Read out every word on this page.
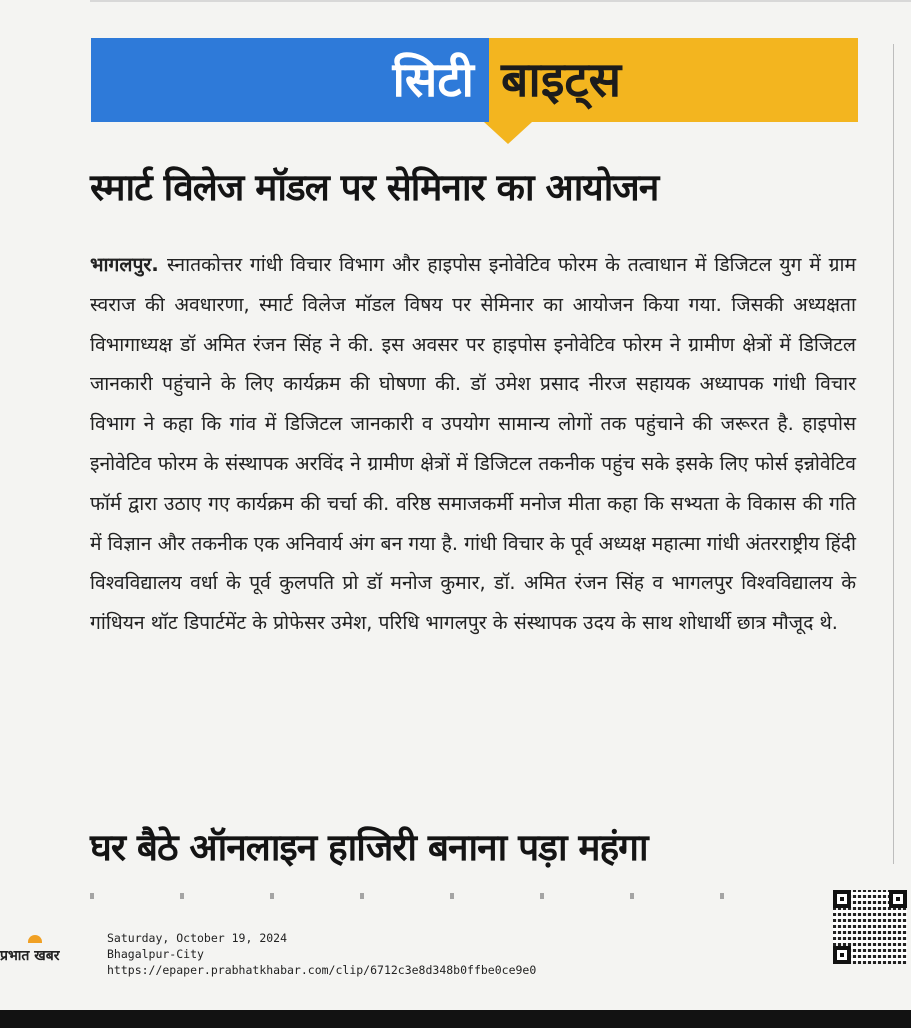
सिटी बाइट्स
स्मार्ट विलेज मॉडल पर सेमिनार का आयोजन
भागलपुर. स्नातकोत्तर गांधी विचार विभाग और हाइपोस इनोवेटिव फोरम के तत्वाधान में डिजिटल युग में ग्राम स्वराज की अवधारणा, स्मार्ट विलेज मॉडल विषय पर सेमिनार का आयोजन किया गया. जिसकी अध्यक्षता विभागाध्यक्ष डॉ अमित रंजन सिंह ने की. इस अवसर पर हाइपोस इनोवेटिव फोरम ने ग्रामीण क्षेत्रों में डिजिटल जानकारी पहुंचाने के लिए कार्यक्रम की घोषणा की. डॉ उमेश प्रसाद नीरज सहायक अध्यापक गांधी विचार विभाग ने कहा कि गांव में डिजिटल जानकारी व उपयोग सामान्य लोगों तक पहुंचाने की जरूरत है. हाइपोस इनोवेटिव फोरम के संस्थापक अरविंद ने ग्रामीण क्षेत्रों में डिजिटल तकनीक पहुंच सके इसके लिए फोर्स इन्नोवेटिव फॉर्म द्वारा उठाए गए कार्यक्रम की चर्चा की. वरिष्ठ समाजकर्मी मनोज मीता कहा कि सभ्यता के विकास की गति में विज्ञान और तकनीक एक अनिवार्य अंग बन गया है. गांधी विचार के पूर्व अध्यक्ष महात्मा गांधी अंतरराष्ट्रीय हिंदी विश्वविद्यालय वर्धा के पूर्व कुलपति प्रो डॉ मनोज कुमार, डॉ. अमित रंजन सिंह व भागलपुर विश्वविद्यालय के गांधियन थॉट डिपार्टमेंट के प्रोफेसर उमेश, परिधि भागलपुर के संस्थापक उदय के साथ शोधार्थी छात्र मौजूद थे.
घर बैठे ऑनलाइन हाजिरी बनाना पड़ा महंगा
प्रभात खबर
Saturday, October 19, 2024
Bhagalpur-City
https://epaper.prabhatkhabar.com/clip/6712c3e8d348b0ffbe0ce9e0
